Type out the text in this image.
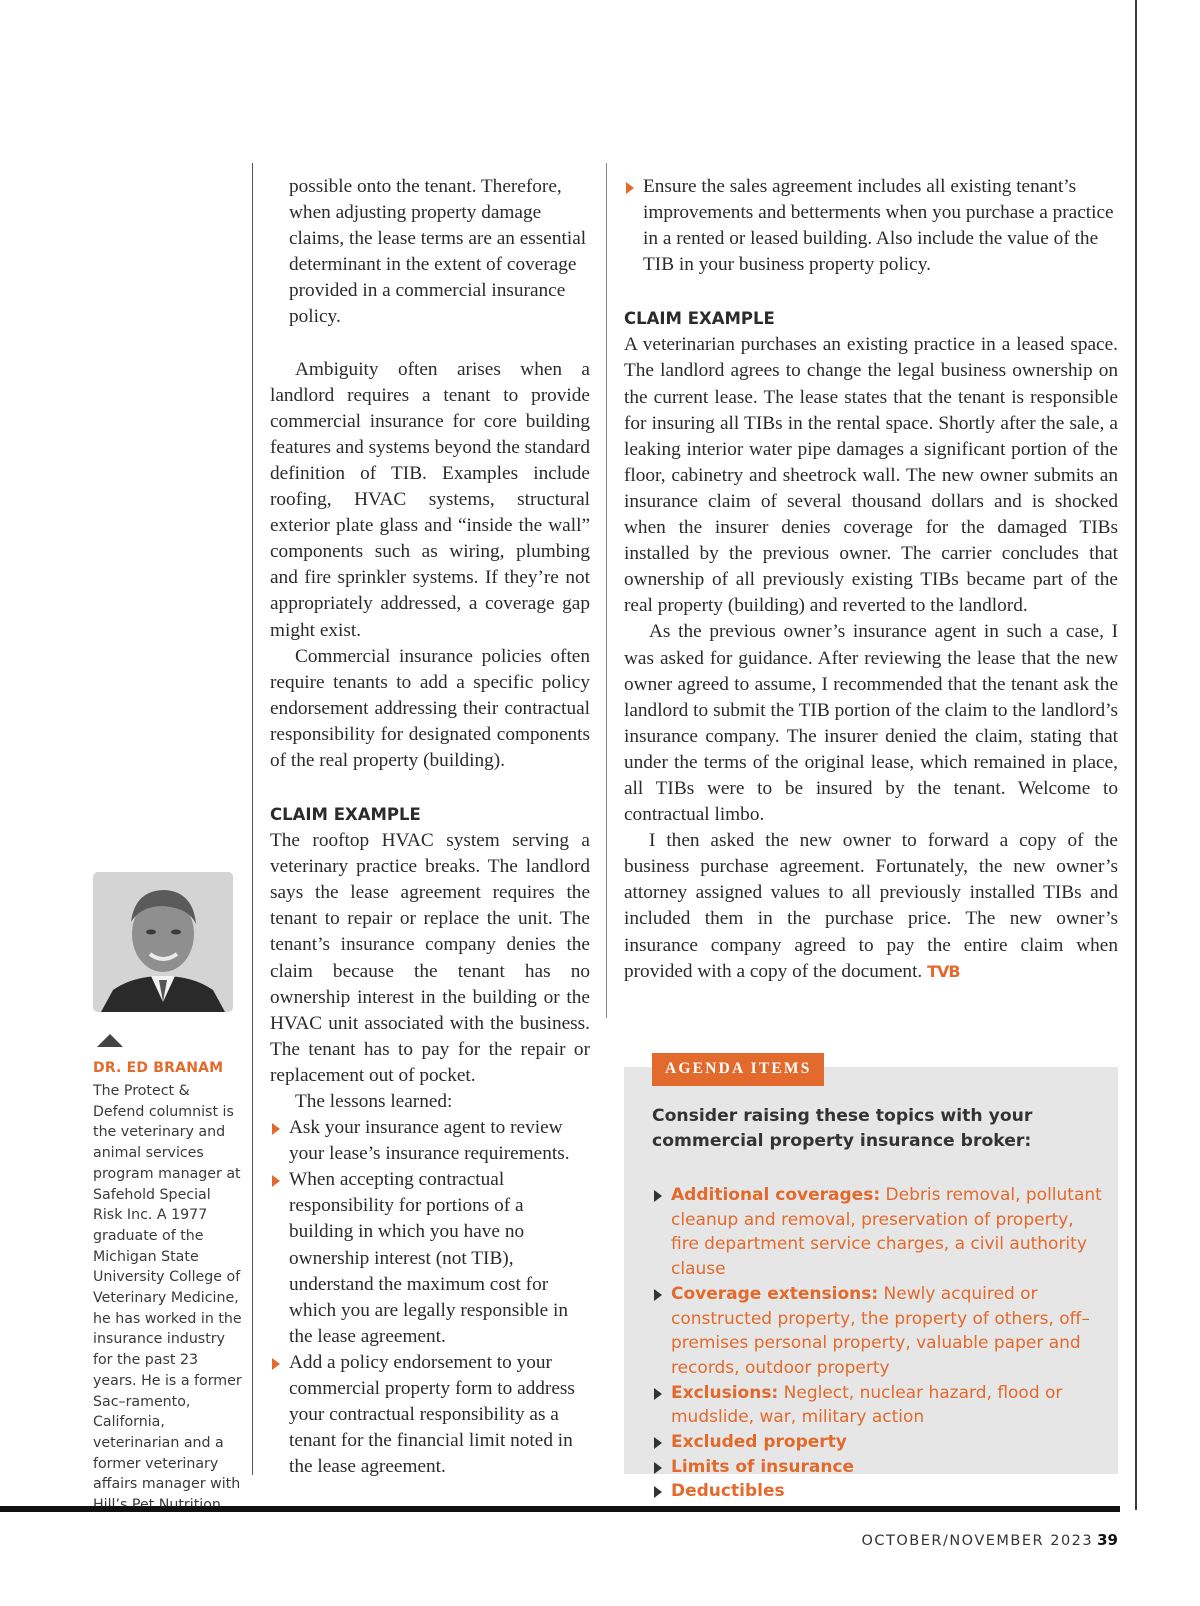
DR. ED BRANAM
The Protect & Defend columnist is the veterinary and animal services program manager at Safehold Special Risk Inc. A 1977 graduate of the Michigan State University College of Veterinary Medicine, he has worked in the insurance industry for the past 23 years. He is a former Sac–ramento, California, veterinarian and a former veterinary affairs manager with

possible onto the tenant. Therefore, when adjusting property damage claims, the lease terms are an essential determinant in the extent of coverage provided in a commercial insurance policy.

Ambiguity often arises when a landlord requires a tenant to provide commercial insurance for core building features and systems beyond the standard definition of TIB. Examples include roofing, HVAC systems, structural exterior plate glass and “inside the wall” components such as wiring, plumbing and fire sprinkler systems. If they’re not appropriately addressed, a coverage gap might exist.

Commercial insurance policies often require tenants to add a specific policy endorsement addressing their contractual responsibility for designated components of the real property (building).

CLAIM EXAMPLE

The rooftop HVAC system serving a veterinary practice breaks. The landlord says the lease agreement requires the tenant to repair or replace the unit. The tenant’s insurance company denies the claim because the tenant has no ownership interest in the building or the HVAC unit associated with the business. The tenant has to pay for the repair or replacement out of pocket.

The lessons learned:

Ask your insurance agent to review your lease’s insurance requirements.
When accepting contractual responsibility for portions of a building in which you have no ownership interest (not TIB), understand the maximum cost for which you are legally responsible in the lease agreement.
Add a policy endorsement to your commercial property form to address your contractual responsibility as a tenant for the financial limit noted in the lease agreement.
Ensure the sales agreement includes all existing tenant’s improvements and betterments when you purchase a practice in a rented or leased building. Also include the value of the TIB in your business property policy.
CLAIM EXAMPLE

A veterinarian purchases an existing practice in a leased space. The landlord agrees to change the legal business ownership on the current lease. The lease states that the tenant is responsible for insuring all TIBs in the rental space. Shortly after the sale, a leaking interior water pipe damages a significant portion of the floor, cabinetry and sheetrock wall. The new owner submits an insurance claim of several thousand dollars and is shocked when the insurer denies coverage for the damaged TIBs installed by the previous owner. The carrier concludes that ownership of all previously existing TIBs became part of the real property (building) and reverted to the landlord.

As the previous owner’s insurance agent in such a case, I was asked for guidance. After reviewing the lease that the new owner agreed to assume, I recommended that the tenant ask the landlord to submit the TIB portion of the claim to the landlord’s insurance company. The insurer denied the claim, stating that under the terms of the original lease, which remained in place, all TIBs were to be insured by the tenant. Welcome to contractual limbo.

I then asked the new owner to forward a copy of the business purchase agreement. Fortunately, the new owner’s attorney assigned values to all previously installed TIBs and included them in the purchase price. The new owner’s insurance company agreed to pay the entire claim when provided with a copy of the document. TVB

AGENDA ITEMS
Consider raising these topics with your commercial property insurance broker:
Additional coverages: Debris removal, pollutant cleanup and removal, preservation of property, fire department service charges, a civil authority clause
Coverage extensions: Newly acquired or constructed property, the property of others, off–premises personal property, valuable paper and records, outdoor property
Exclusions: Neglect, nuclear hazard, flood or mudslide, war, military action
Excluded property
Limits of insurance
Deductibles
OCTOBER/NOVEMBER 2023 39
